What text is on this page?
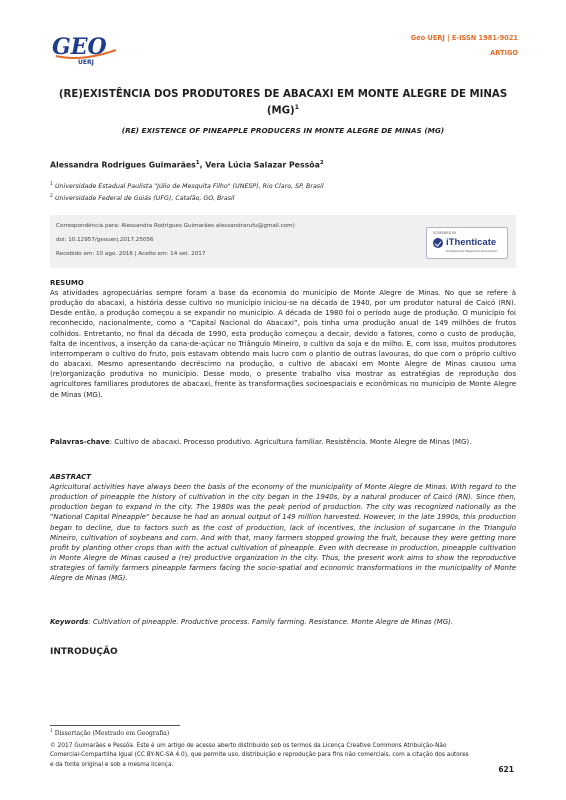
GEO
UERJ
Geo UERJ | E-ISSN 1981-9021
ARTIGO
(RE)EXISTÊNCIA DOS PRODUTORES DE ABACAXI EM MONTE ALEGRE DE MINAS
(MG)$^1$
(RE) EXISTENCE OF PINEAPPLE PRODUCERS IN MONTE ALEGRE DE MINAS (MG)
Alessandra Rodrigues Guimarães$^1$, Vera Lúcia Salazar Pessôa$^2$
$^1$ Universidade Estadual Paulista "Júlio de Mesquita Filho" (UNESP), Rio Claro, SP, Brasil
$^2$ Universidade Federal de Goiás (UFG), Catalão, GO, Brasil
Correspondência para: Alessandra Rodrigues Guimarães alessandrarufu@gmail.com)
doi: 10.12957/geouerj.2017.25056
Recebido em: 10 ago. 2016 | Aceito em: 14 set. 2017
SCREENED BY
iThenticate
Professional Plagiarism Prevention
RESUMO

As atividades agropecuárias sempre foram a base da economia do município de Monte Alegre de Minas. No que se refere à produção do abacaxi, a história desse cultivo no município iniciou-se na década de 1940, por um produtor natural de Caicó (RN). Desde então, a produção começou a se expandir no município. A década de 1980 foi o período auge de produção. O município foi reconhecido, nacionalmente, como a “Capital Nacional do Abacaxi”, pois tinha uma produção anual de 149 milhões de frutos colhidos. Entretanto, no final da década de 1990, esta produção começou a decair, devido a fatores, como o custo de produção, falta de incentivos, a inserção da cana-de-açúcar no Triângulo Mineiro, o cultivo da soja e do milho. E, com isso, muitos produtores interromperam o cultivo do fruto, pois estavam obtendo mais lucro com o plantio de outras lavouras, do que com o próprio cultivo do abacaxi. Mesmo apresentando decréscimo na produção, o cultivo de abacaxi em Monte Alegre de Minas causou uma (re)organização produtiva no município. Desse modo, o presente trabalho visa mostrar as estratégias de reprodução dos agricultores familiares produtores de abacaxi, frente às transformações socioespaciais e econômicas no município de Monte Alegre de Minas (MG).

Palavras-chave: Cultivo de abacaxi. Processo produtivo. Agricultura familiar. Resistência. Monte Alegre de Minas (MG).

ABSTRACT

Agricultural activities have always been the basis of the economy of the municipality of Monte Alegre de Minas. With regard to the production of pineapple the history of cultivation in the city began in the 1940s, by a natural producer of Caicó (RN). Since then, production began to expand in the city. The 1980s was the peak period of production. The city was recognized nationally as the "National Capital Pineapple" because he had an annual output of 149 million harvested. However, in the late 1990s, this production began to decline, due to factors such as the cost of production, lack of incentives, the inclusion of sugarcane in the Triangulo Mineiro, cultivation of soybeans and corn. And with that, many farmers stopped growing the fruit, because they were getting more profit by planting other crops than with the actual cultivation of pineapple. Even with decrease in production, pineapple cultivation in Monte Alegre de Minas caused a (re) productive organization in the city. Thus, the present work aims to show the reproductive strategies of family farmers pineapple farmers facing the socio-spatial and economic transformations in the municipality of Monte Alegre de Minas (MG).

Keywords: Cultivation of pineapple. Productive process. Family farming. Resistance. Monte Alegre de Minas (MG).

INTRODUÇÃO
$^1$ Dissertação (Mestrado em Geografia)

© 2017 Guimarães e Pessôa. Este é um artigo de acesso aberto distribuído sob os termos da Licença Creative Commons Atribuição-Não Comercial-Compartilha Igual (CC BY-NC-SA 4.0), que permite uso, distribuição e reprodução para fins não comerciais, com a citação dos autores e da fonte original e sob a mesma licença.

621
